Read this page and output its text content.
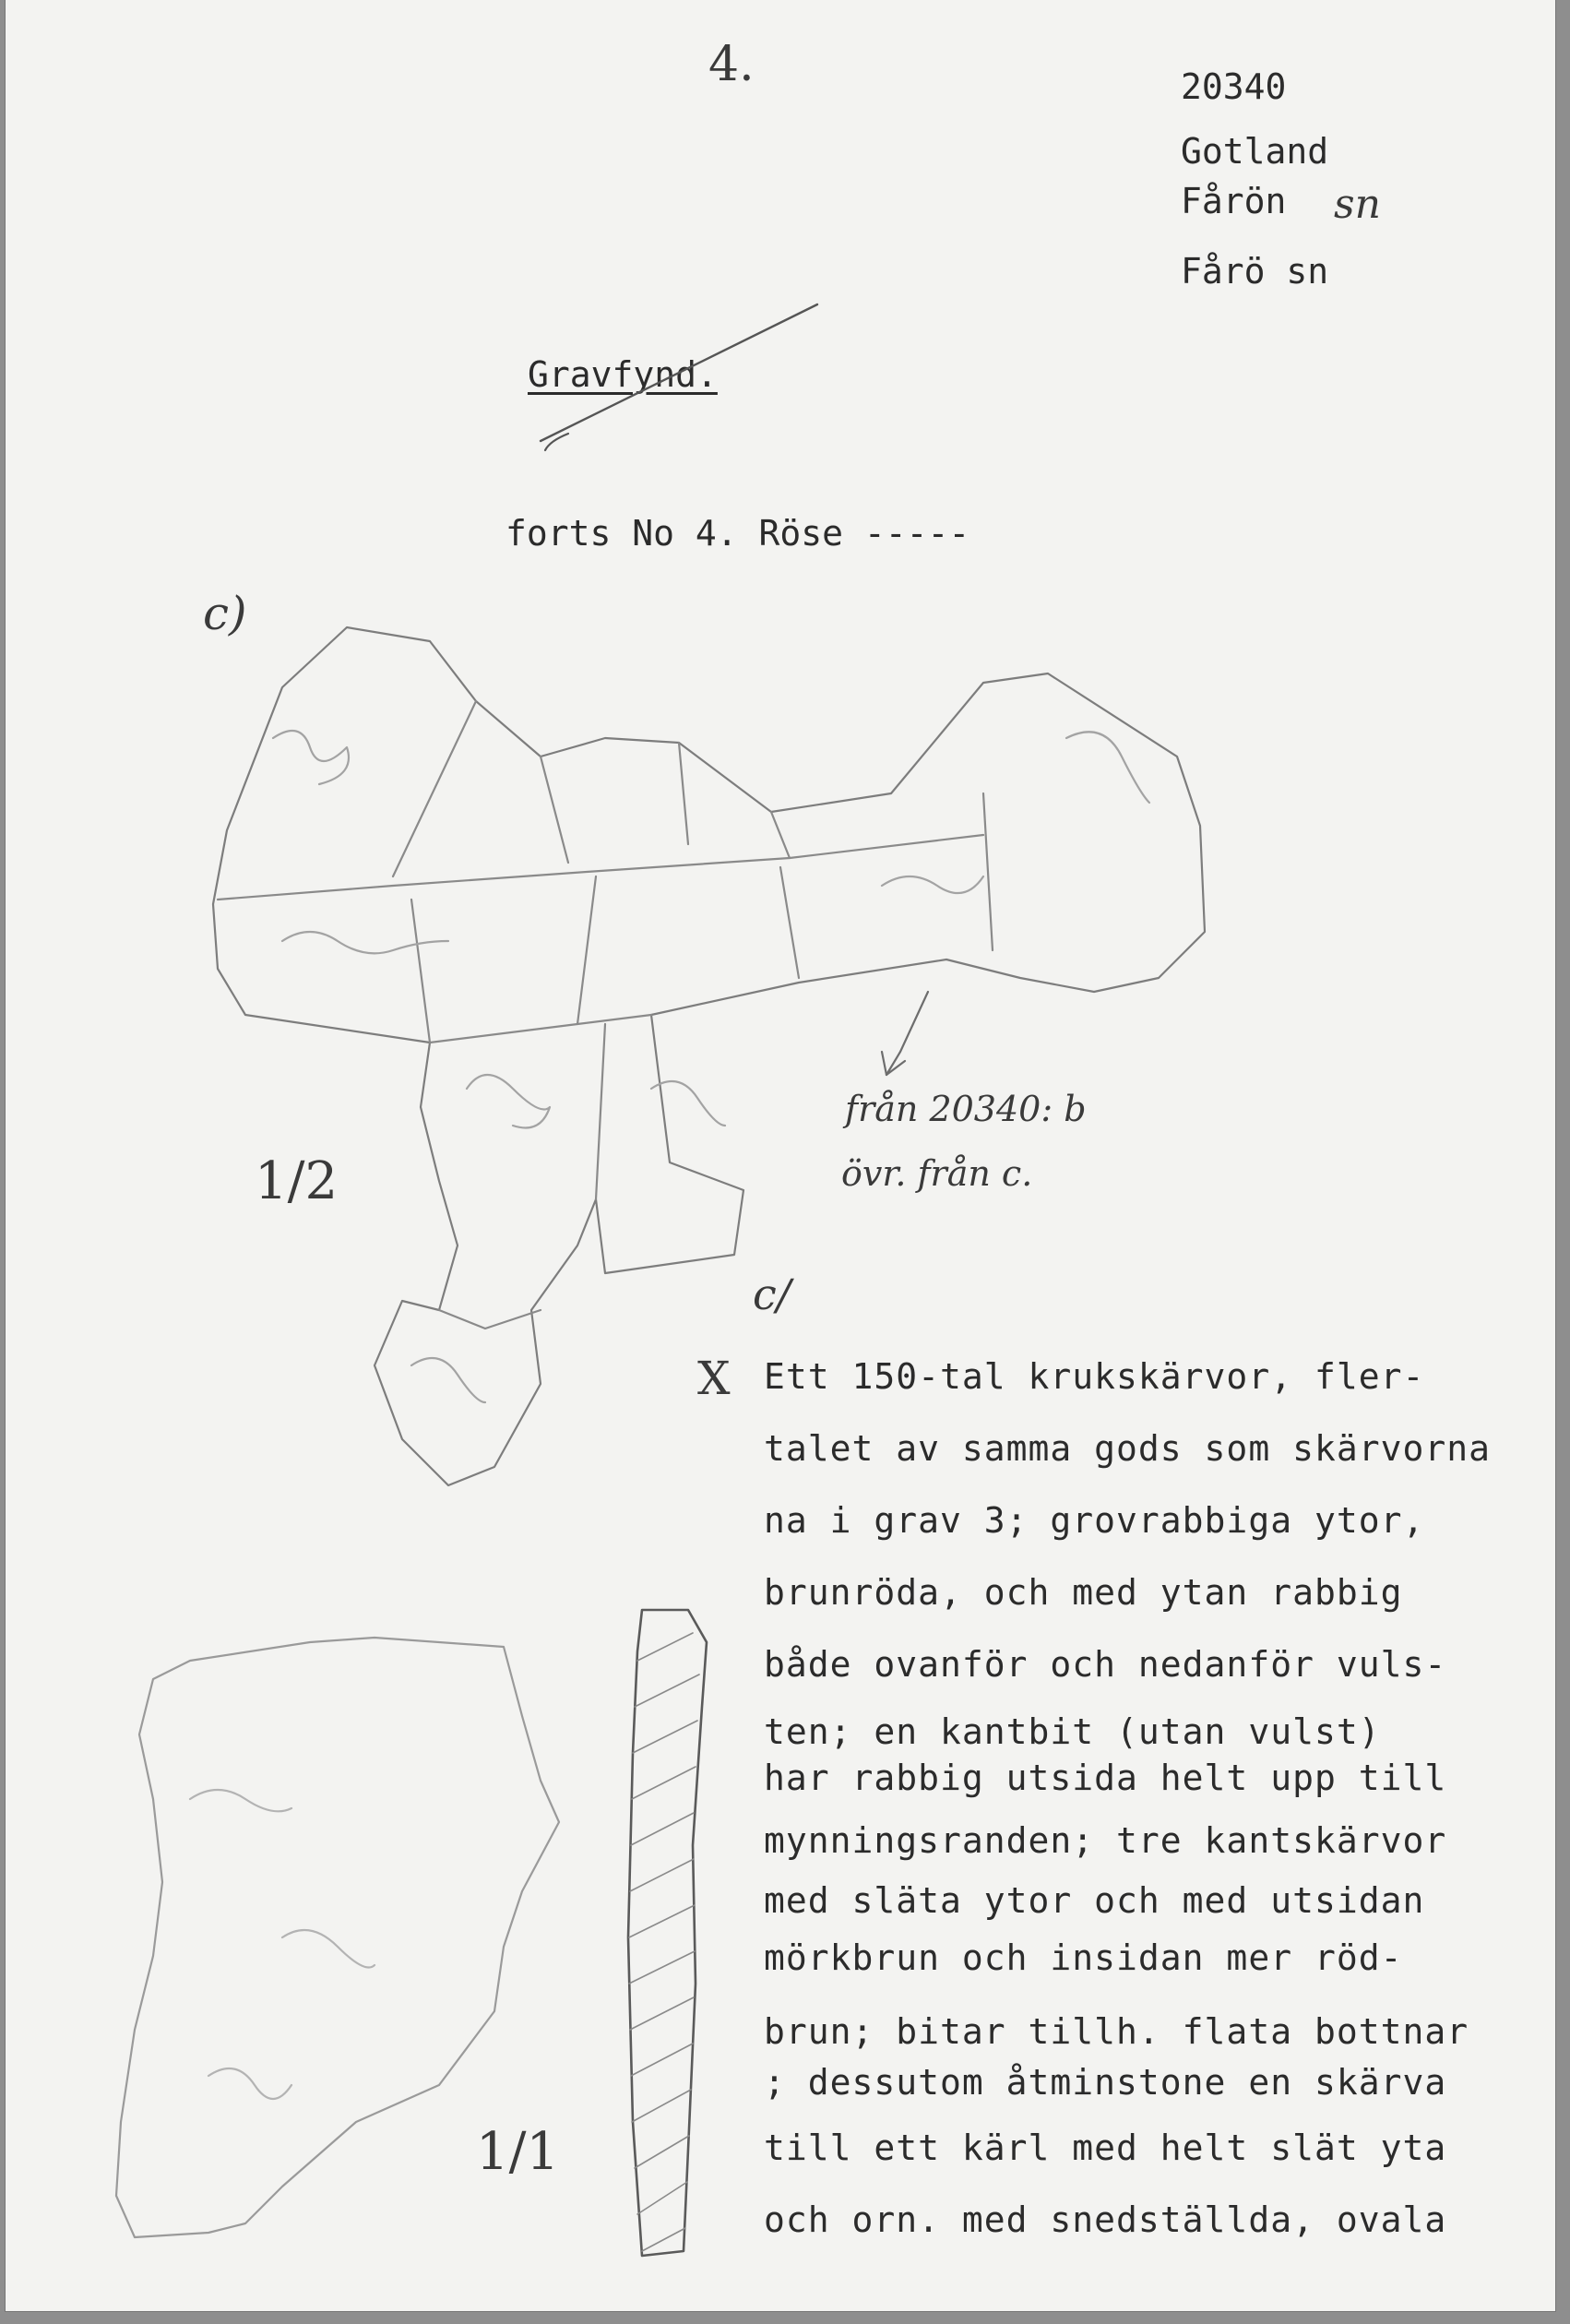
4.	20340
Gotland
Fårön sn
Fårö sn
Gravfynd.
forts No 4. Röse -----
c)
1/2
från 20340: b
övr. från c.
c/
1/1
X Ett 150-tal krukskärvor, fler-
talet av samma gods som skärvorna
na i grav 3; grovrabbiga ytor,
brunröda, och med ytan rabbig
både ovanför och nedanför vuls-
ten; en kantbit (utan vulst)
har rabbig utsida helt upp till
mynningsranden; tre kantskärvor
med släta ytor och med utsidan
mörkbrun och insidan mer röd-
brun; bitar tillh. flata bottnar
; dessutom åtminstone en skärva
till ett kärl med helt slät yta
och orn. med snedställda, ovala
